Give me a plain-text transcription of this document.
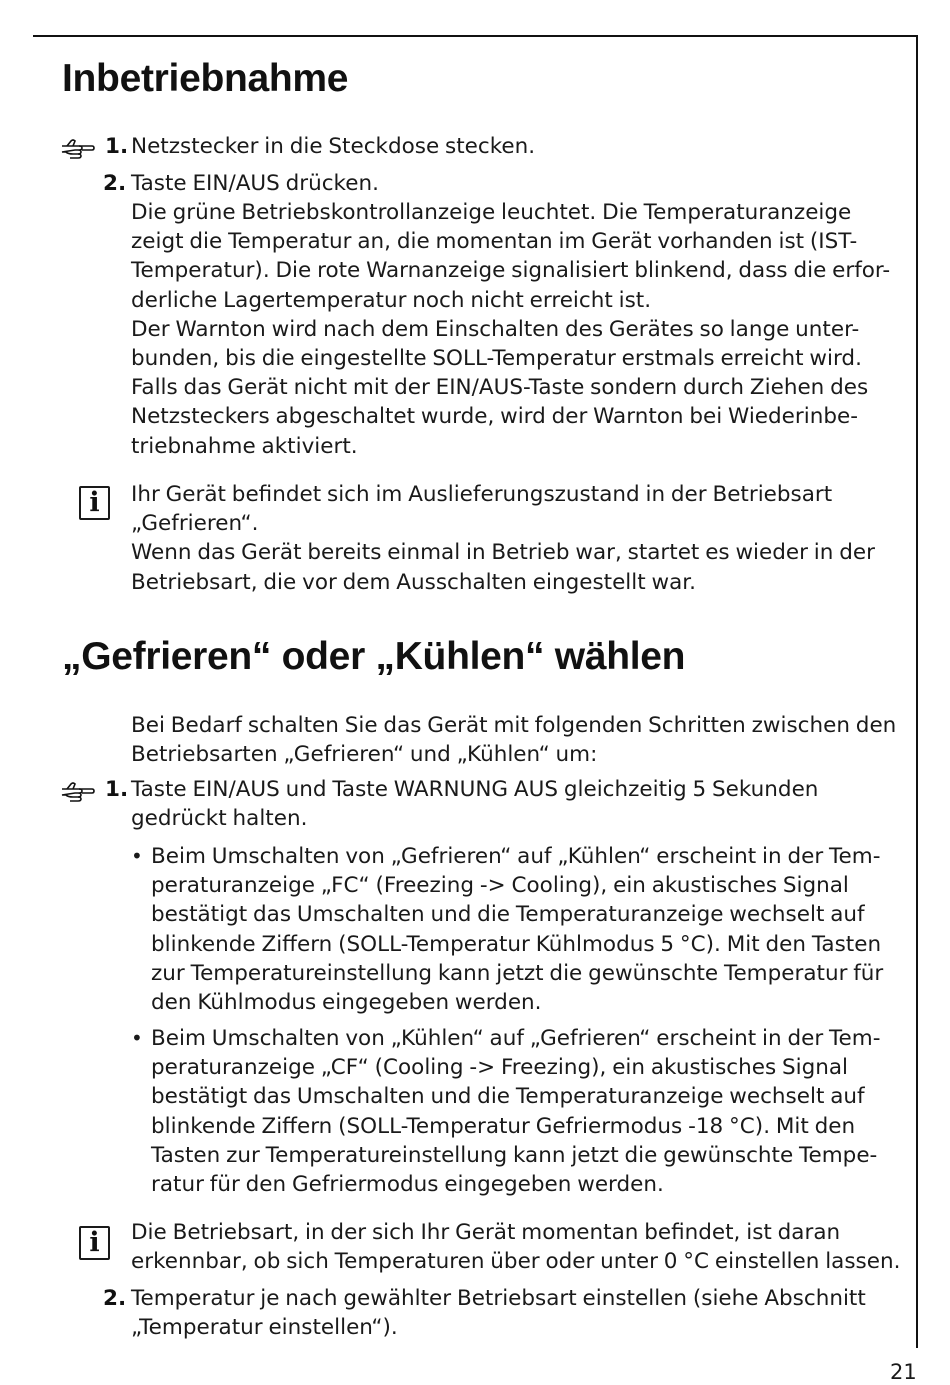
Inbetriebnahme
1. Netzstecker in die Steckdose stecken.

2. Taste EIN/AUS drücken.

Die grüne Betriebskontrollanzeige leuchtet. Die Temperaturanzeige

zeigt die Temperatur an, die momentan im Gerät vorhanden ist (IST-

Temperatur). Die rote Warnanzeige signalisiert blinkend, dass die erfor-

derliche Lagertemperatur noch nicht erreicht ist.

Der Warnton wird nach dem Einschalten des Gerätes so lange unter-

bunden, bis die eingestellte SOLL-Temperatur erstmals erreicht wird.

Falls das Gerät nicht mit der EIN/AUS-Taste sondern durch Ziehen des

Netzsteckers abgeschaltet wurde, wird der Warnton bei Wiederinbe-

triebnahme aktiviert.

i	Ihr Gerät befindet sich im Auslieferungszustand in der Betriebsart

„Gefrieren“.

Wenn das Gerät bereits einmal in Betrieb war, startet es wieder in der

Betriebsart, die vor dem Ausschalten eingestellt war.

„Gefrieren“ oder „Kühlen“ wählen

Bei Bedarf schalten Sie das Gerät mit folgenden Schritten zwischen den

Betriebsarten „Gefrieren“ und „Kühlen“ um:

1. Taste EIN/AUS und Taste WARNUNG AUS gleichzeitig 5 Sekunden

gedrückt halten.

• Beim Umschalten von „Gefrieren“ auf „Kühlen“ erscheint in der Tem-

peraturanzeige „FC“ (Freezing -> Cooling), ein akustisches Signal

bestätigt das Umschalten und die Temperaturanzeige wechselt auf

blinkende Ziffern (SOLL-Temperatur Kühlmodus 5 °C). Mit den Tasten

zur Temperatureinstellung kann jetzt die gewünschte Temperatur für

den Kühlmodus eingegeben werden.

• Beim Umschalten von „Kühlen“ auf „Gefrieren“ erscheint in der Tem-

peraturanzeige „CF“ (Cooling -> Freezing), ein akustisches Signal

bestätigt das Umschalten und die Temperaturanzeige wechselt auf

blinkende Ziffern (SOLL-Temperatur Gefriermodus -18 °C). Mit den

Tasten zur Temperatureinstellung kann jetzt die gewünschte Tempe-

ratur für den Gefriermodus eingegeben werden.

i	Die Betriebsart, in der sich Ihr Gerät momentan befindet, ist daran

erkennbar, ob sich Temperaturen über oder unter 0 °C einstellen lassen.

2. Temperatur je nach gewählter Betriebsart einstellen (siehe Abschnitt

„Temperatur einstellen“).

21
